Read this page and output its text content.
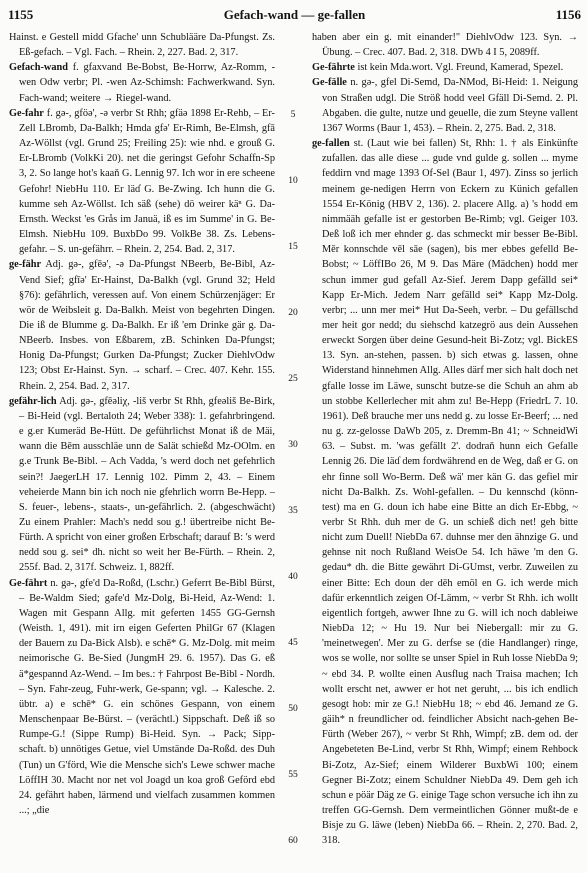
1155	Gefach-wand — ge-fallen	1156

Hainst. e Gestell midd Gfache' unn Schublääre Da-Pfungst. Zs. Eß-gefach. – Vgl. Fach. – Rhein. 2, 227. Bad. 2, 317.

Gefach-wand f. gfaxvand Be-Bobst, Be-Horrw, Az-Romm, -wen Odw verbr; Pl. -wen Az-Schimsh: Fachwerkwand. Syn. Fach-wand; weitere → Riegel-wand.

Ge-fahr f. gə-, gföə', -ə verbr St Rhh; gfäə 1898 Er-Rehb, – Er-Zell LBromb, Da-Balkh; Hmda gfə' Er-Rimh, Be-Elmsh, gfā Az-Wöllst (vgl. Grund 25; Freiling 25): wie nhd. e grouß G. Er-LBromb (VolkKi 20). net die geringst Gefohr Schaffn-Sp 3, 2. So lange hot's kaaň G. Lennig 97. Ich wor in ere scheene Gefohr! NiebHu 110. Er läɗ G. Be-Zwing. Ich hunn die G. kumme seh Az-Wöllst. Ich säß (sehe) dö weirer käⁿ G. Da-Ernsth. Weckst 'es Grås im Januä, iß es im Summe' in G. Be-Elmsh. NiebHu 109. BuxbDo 99. VolkBe 38. Zs. Lebens-gefahr. – S. un-gefährr. – Rhein. 2, 254. Bad. 2, 317.

ge-fähr Adj. gə-, gfēə', -ə Da-Pfungst NBeerb, Be-Bibl, Az-Vend Sief; gfīə' Er-Hainst, Da-Balkh (vgl. Grund 32; Held §76): gefährlich, veressen auf. Von einem Schürzenjäger: Er wör de Weibsleit g. Da-Balkh. Meist von begehrten Dingen. Die iß de Blumme g. Da-Balkh. Er iß 'em Drinke gär g. Da-NBeerb. Insbes. von Eßbarem, zB. Schinken Da-Pfungst; Honig Da-Pfungst; Gurken Da-Pfungst; Zucker DiehlvOdw 123; Obst Er-Hainst. Syn. → scharf. – Crec. 407. Kehr. 155. Rhein. 2, 254. Bad. 2, 317.

gefähr-lich Adj. gə-, gfēəliχ, -liš verbr St Rhh, gfeəliš Be-Birk, – Bi-Heid (vgl. Bertaloth 24; Weber 338): 1. gefahrbringend. e g.er Kumeräd Be-Hütt. De geführlichst Monat iß de Mäi, wann die Bēm ausschläe unn de Salät schießd Mz-OOlm. en g.e Trunk Be-Bibl. – Ach Vadda, 's werd doch net gefehrlich sein?! JaegerLH 17. Lennig 102. Pimm 2, 43. – Einem veheierde Mann bin ich noch nie gfehrlich worrn Be-Hepp. – S. feuer-, lebens-, staats-, un-gefährlich. 2. (abgeschwächt) Zu einem Prahler: Mach's nedd sou g.! übertreibe nicht Be-Fürth. A spricht von einer großen Erbschaft; darauf B: 's werd nedd sou g. sei* dh. nicht so weit her Be-Fürth. – Rhein. 2, 255f. Bad. 2, 317f. Schweiz. 1, 882ff.

Ge-fährt n. gə-, gfe'd Da-Roßd, (Lschr.) Geferrt Be-Bibl Bürst, – Be-Waldm Sied; gəfe'd Mz-Dolg, Bi-Heid, Az-Wend: 1. Wagen mit Gespann Allg. mit geferten 1455 GG-Gernsh (Weisth. 1, 491). mit irn eigen Geferten PhilGr 67 (Klagen der Bauern zu Da-Bick Alsb). e schē* G. Mz-Dolg. mit meim neimorische G. Be-Sied (JungmH 29. 6. 1957). Das G. eß ä*gespannd Az-Wend. – Im bes.: † Fahrpost Be-Bibl - Nordh. – Syn. Fahr-zeug, Fuhr-werk, Ge-spann; vgl. → Kalesche. 2. übtr. a) e schē* G. ein schönes Gespann, von einem Menschenpaar Be-Bürst. – (verächtl.) Sippschaft. Deß iß so Rumpe-G.! (Sippe Rump) Bi-Heid. Syn. → Pack; Sipp-schaft. b) unnötiges Getue, viel Umstände Da-Roßd. des Duh (Tun) un G'förd, Wie die Mensche sich's Lewe schwer mache LöffIH 30. Macht nor net vol Joagd un koa groß Geförd ebd 24. gefährt haben, lärmend und vielfach zusammen kommen ...; „die

5
10
15
20
25
30
35
40
45
50
55
60

haben aber ein g. mit einander!" DiehlvOdw 123. Syn. → Übung. – Crec. 407. Bad. 2, 318. DWb 4 I 5, 2089ff.

Ge-fährte ist kein Mda.wort. Vgl. Freund, Kamerad, Spezel.

Ge-fälle n. gə-, gfel Di-Semd, Da-NMod, Bi-Heid: 1. Neigung von Straßen udgl. Die Ströß hodd veel Gfäll Di-Semd. 2. Pl. Abgaben. die gulte, nutze und geuelle, die zum Steyne vallent 1367 Worms (Baur 1, 453). – Rhein. 2, 275. Bad. 2, 318.

ge-fallen st. (Laut wie bei fallen) St, Rhh: 1. † als Einkünfte zufallen. das alle diese ... gude vnd gulde g. sollen ... myme feddirn vnd mage 1393 Of-Sel (Baur 1, 497). Zinss so jerlich meinem ge-nedigen Herrn von Eckern zu Künich gefallen 1554 Er-König (HBV 2, 136). 2. placere Allg. a) 's hodd em nimmääh gefalle ist er gestorben Be-Rimb; vgl. Geiger 103. Deß loß ich mer ehnder g. das schmeckt mir besser Be-Bibl. Mēr konnschde vēl sāe (sagen), bis mer ebbes gefelld Be-Bobst; ~ LöffIBo 26, M 9. Das Märe (Mädchen) hodd mer schun immer gud gefall Az-Sief. Jerem Dapp gefälld sei* Kapp Er-Mich. Jedem Narr gefälld sei* Kapp Mz-Dolg. verbr; ... unn mer mei* Hut Da-Seeh, verbr. – Du gefällschd mer heit gor nedd; du siehschd katzegrö aus dein Aussehen erweckt Sorgen über deine Gesund-heit Bi-Zotz; vgl. BickES 13. Syn. an-stehen, passen. b) sich etwas g. lassen, ohne Widerstand hinnehmen Allg. Alles därf mer sich halt doch net gfalle losse im Läwe, sunscht butze-se die Schuh an ahm ab un stobbe Kellerlecher mit ahm zu! Be-Hepp (FriedrL 7. 10. 1961). Deß brauche mer uns nedd g. zu losse Er-Beerf; ... ned nu g. zz-gelosse DaWb 205, z. Dremm-Bn 41; ~ SchneidWi 63. – Subst. m. 'was gefällt 2'. dodraň hunn eich Gefalle Lennig 26. Die läɗ dem fordwährend en de Weg, daß er G. on ehr finne soll Wo-Berm. Deß wä' mer kän G. das gefiel mir nicht Da-Balkh. Zs. Wohl-gefallen. – Du kennschd (könn-test) ma en G. doun ich habe eine Bitte an dich Er-Ebbg, ~ verbr St Rhh. duh mer de G. un schieß dich net! geh bitte nicht zum Duell! NiebDa 67. duhnse mer den ähnzige G. und gehnse nit noch Rußland WeisOe 54. Ich häwe 'm den G. gedau* dh. die Bitte gewährt Di-GUmst, verbr. Zuweilen zu einer Bitte: Ech doun der dēh emöl en G. ich werde mich dafür erkenntlich zeigen Of-Lämm, ~ verbr St Rhh. ich wollt eigentlich fortgeh, awwer Ihne zu G. will ich noch dableiwe NiebDa 12; ~ Hu 19. Nur bei Niebergall: mir zu G. 'meinetwegen'. Mer zu G. derfse se (die Handlanger) ringe, wos se wolle, nor sollte se unser Spiel in Ruh losse NiebDa 9; ~ ebd 34. P. wollte einen Ausflug nach Traisa machen; Ich wollt erscht net, awwer er hot net geruht, ... bis ich endlich gesogt hob: mir ze G.! NiebHu 18; ~ ebd 46. Jemand ze G. gäih* n freundlicher od. feindlicher Absicht nach-gehen Be-Fürth (Weber 267), ~ verbr St Rhh, Wimpf; zB. dem od. der Angebeteten Be-Lind, verbr St Rhh, Wimpf; einem Rehbock Bi-Zotz, Az-Sief; einem Wilderer BuxbWi 100; einem Gegner Bi-Zotz; einem Schuldner NiebDa 49. Dem geh ich schun e pöär Däg ze G. einige Tage schon versuche ich ihn zu treffen GG-Gernsh. Dem vermeintlichen Gönner mußt-de e Bisje zu G. läwe (leben) NiebDa 66. – Rhein. 2, 270. Bad. 2, 318.
